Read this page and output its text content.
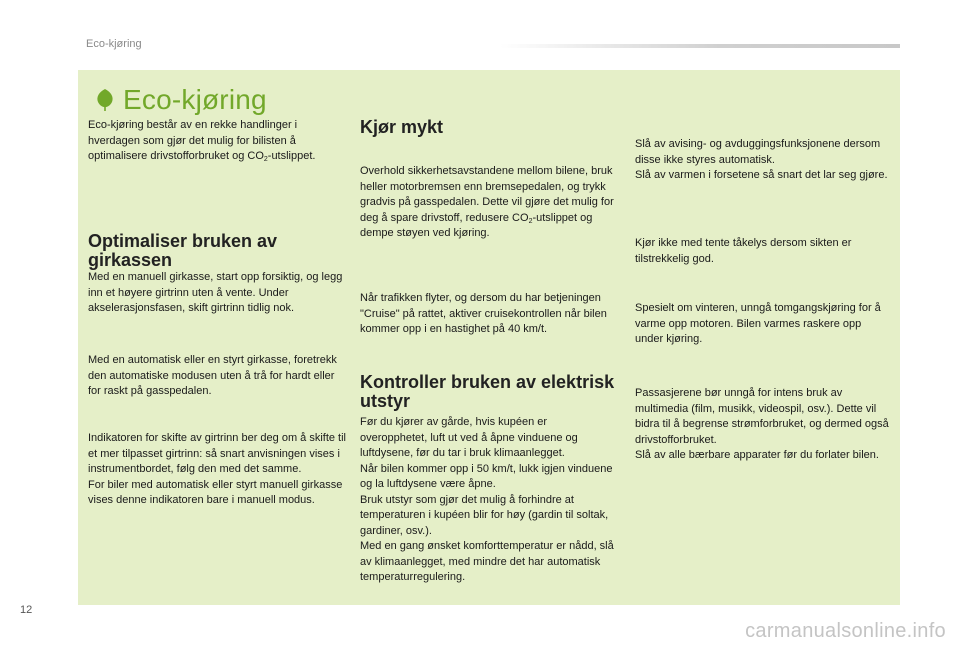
Eco-kjøring
Eco-kjøring

Eco-kjøring består av en rekke handlinger i hverdagen som gjør det mulig for bilisten å optimalisere drivstofforbruket og $CO_2$-utslippet.

Optimaliser bruken av girkassen

Med en manuell girkasse, start opp forsiktig, og legg inn et høyere girtrinn uten å vente. Under akselerasjonsfasen, skift girtrinn tidlig nok.

Med en automatisk eller en styrt girkasse, foretrekk den automatiske modusen uten å trå for hardt eller for raskt på gasspedalen.

Indikatoren for skifte av girtrinn ber deg om å skifte til et mer tilpasset girtrinn: så snart anvisningen vises i instrumentbordet, følg den med det samme.

For biler med automatisk eller styrt manuell girkasse vises denne indikatoren bare i manuell modus.

Kjør mykt

Overhold sikkerhetsavstandene mellom bilene, bruk heller motorbremsen enn bremsepedalen, og trykk gradvis på gasspedalen. Dette vil gjøre det mulig for deg å spare drivstoff, redusere $CO_2$-utslippet og dempe støyen ved kjøring.

Når trafikken flyter, og dersom du har betjeningen "Cruise" på rattet, aktiver cruisekontrollen når bilen kommer opp i en hastighet på 40 km/t.

Kontroller bruken av elektrisk utstyr

Før du kjører av gårde, hvis kupéen er overopphetet, luft ut ved å åpne vinduene og luftdysene, før du tar i bruk klimaanlegget.

Når bilen kommer opp i 50 km/t, lukk igjen vinduene og la luftdysene være åpne.

Bruk utstyr som gjør det mulig å forhindre at temperaturen i kupéen blir for høy (gardin til soltak, gardiner, osv.).

Med en gang ønsket komforttemperatur er nådd, slå av klimaanlegget, med mindre det har automatisk temperaturregulering.

Slå av avising- og avduggingsfunksjonene dersom disse ikke styres automatisk.

Slå av varmen i forsetene så snart det lar seg gjøre.

Kjør ikke med tente tåkelys dersom sikten er tilstrekkelig god.

Spesielt om vinteren, unngå tomgangskjøring for å varme opp motoren. Bilen varmes raskere opp under kjøring.

Passasjerene bør unngå for intens bruk av multimedia (film, musikk, videospil, osv.). Dette vil bidra til å begrense strømforbruket, og dermed også drivstofforbruket.

Slå av alle bærbare apparater før du forlater bilen.

12
carmanualsonline.info
